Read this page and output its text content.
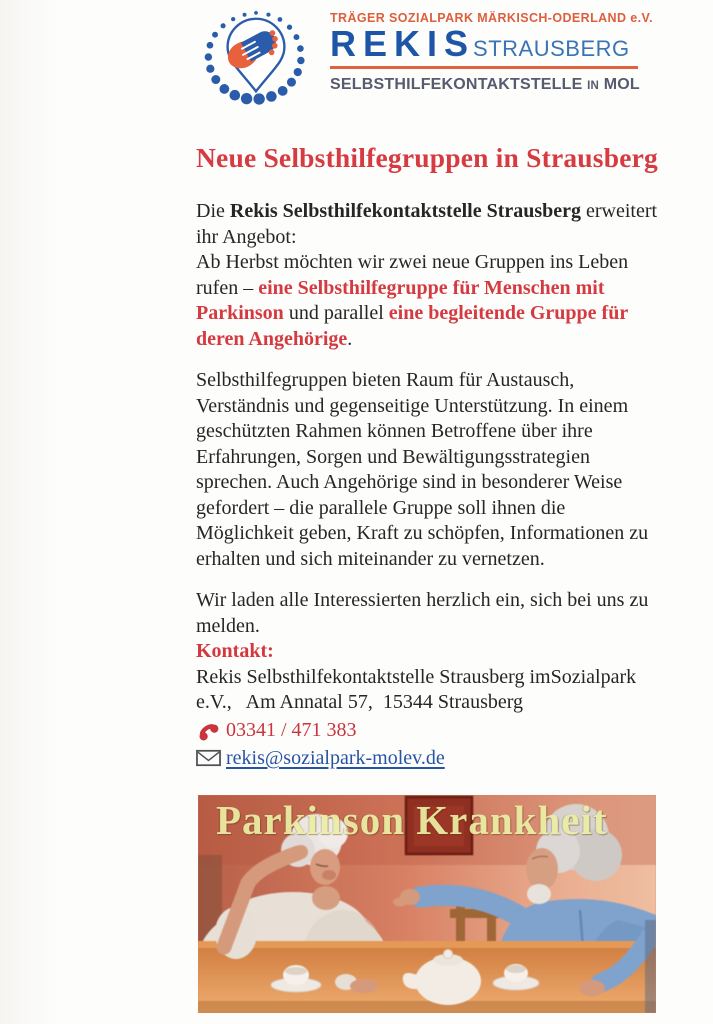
TRÄGER SOZIALPARK MÄRKISCH-ODERLAND e.V.
REKIS
STRAUSBERG
SELBSTHILFEKONTAKTSTELLE IN MOL
Neue Selbsthilfegruppen in Strausberg

Die Rekis Selbsthilfekontaktstelle Strausberg erweitert ihr Angebot:
Ab Herbst möchten wir zwei neue Gruppen ins Leben rufen – eine Selbsthilfegruppe für Menschen mit Parkinson und parallel eine begleitende Gruppe für deren Angehörige.

Selbsthilfegruppen bieten Raum für Austausch, Verständnis und gegenseitige Unterstützung. In einem geschützten Rahmen können Betroffene über ihre Erfahrungen, Sorgen und Bewältigungsstrategien sprechen. Auch Angehörige sind in besonderer Weise gefordert – die parallele Gruppe soll ihnen die Möglichkeit geben, Kraft zu schöpfen, Informationen zu erhalten und sich miteinander zu vernetzen.

Wir laden alle Interessierten herzlich ein, sich bei uns zu melden.
Kontakt:
Rekis Selbsthilfekontaktstelle Strausberg imSozialpark
e.V.,   Am Annatal 57,  15344 Strausberg

03341 / 471 383
rekis@sozialpark-molev.de
Parkinson Krankheit
